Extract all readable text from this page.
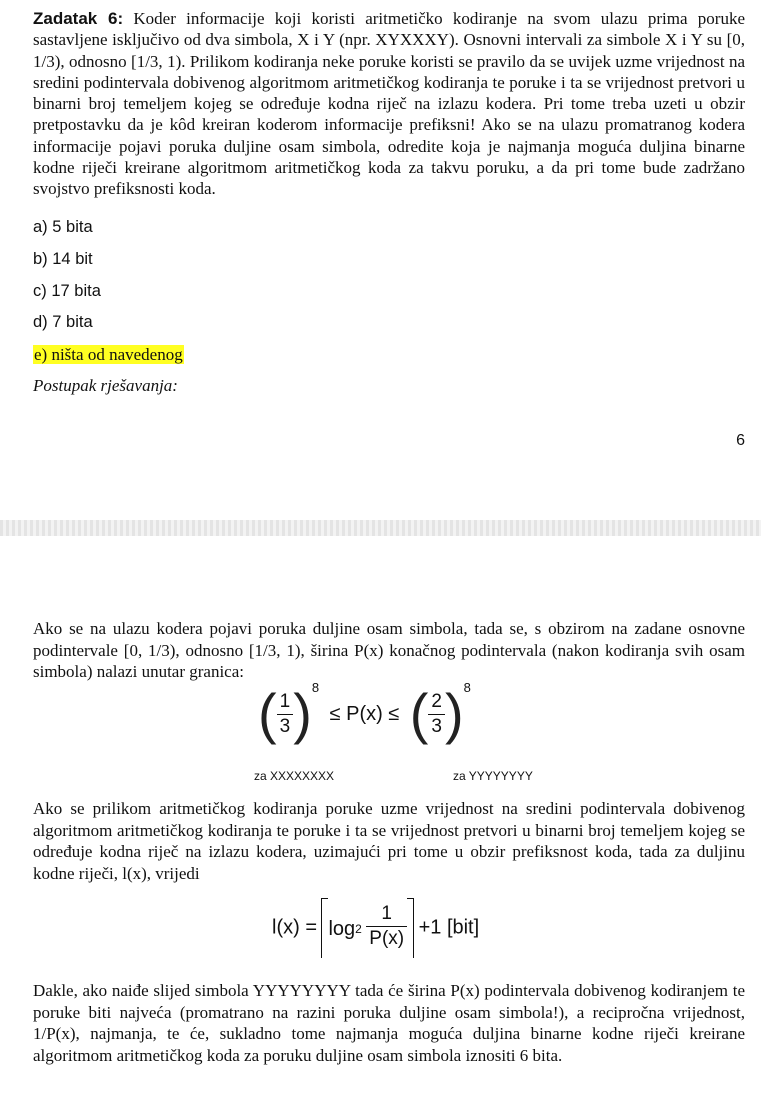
Zadatak 6: Koder informacije koji koristi aritmetičko kodiranje na svom ulazu prima poruke sastavljene isključivo od dva simbola, X i Y (npr. XYXXXY). Osnovni intervali za simbole X i Y su [0, 1/3), odnosno [1/3, 1). Prilikom kodiranja neke poruke koristi se pravilo da se uvijek uzme vrijednost na sredini podintervala dobivenog algoritmom aritmetičkog kodiranja te poruke i ta se vrijednost pretvori u binarni broj temeljem kojeg se određuje kodna riječ na izlazu kodera. Pri tome treba uzeti u obzir pretpostavku da je kôd kreiran koderom informacije prefiksni! Ako se na ulazu promatranog kodera informacije pojavi poruka duljine osam simbola, odredite koja je najmanja moguća duljina binarne kodne riječi kreirane algoritmom aritmetičkog koda za takvu poruku, a da pri tome bude zadržano svojstvo prefiksnosti koda.

a) 5 bita
b) 14 bit
c) 17 bita
d) 7 bita
e) ništa od navedenog
Postupak rješavanja:
6

Ako se na ulazu kodera pojavi poruka duljine osam simbola, tada se, s obzirom na zadane osnovne podintervale [0, 1/3), odnosno [1/3, 1), širina P(x) konačnog podintervala (nakon kodiranja svih osam simbola) nalazi unutar granica:

( $\frac{1}{3} )^8 \le P(x)$ ≤ ( $\frac{2}{3} )^8$
za XXXXXXXX	za YYYYYYYY

Ako se prilikom aritmetičkog kodiranja poruke uzme vrijednost na sredini podintervala dobivenog algoritmom aritmetičkog kodiranja te poruke i ta se vrijednost pretvori u binarni broj temeljem kojeg se određuje kodna riječ na izlazu kodera, uzimajući pri tome u obzir prefiksnost koda, tada za duljinu kodne riječi, l(x), vrijedi

$l(x) = \log_2 \frac{1}{P(x)} +1$ [bit]

Dakle, ako naiđe slijed simbola YYYYYYYY tada će širina P(x) podintervala dobivenog kodiranjem te poruke biti najveća (promatrano na razini poruka duljine osam simbola!), a recipročna vrijednost, 1/P(x), najmanja, te će, sukladno tome najmanja moguća duljina binarne kodne riječi kreirane algoritmom aritmetičkog koda za poruku duljine osam simbola iznositi 6 bita.
